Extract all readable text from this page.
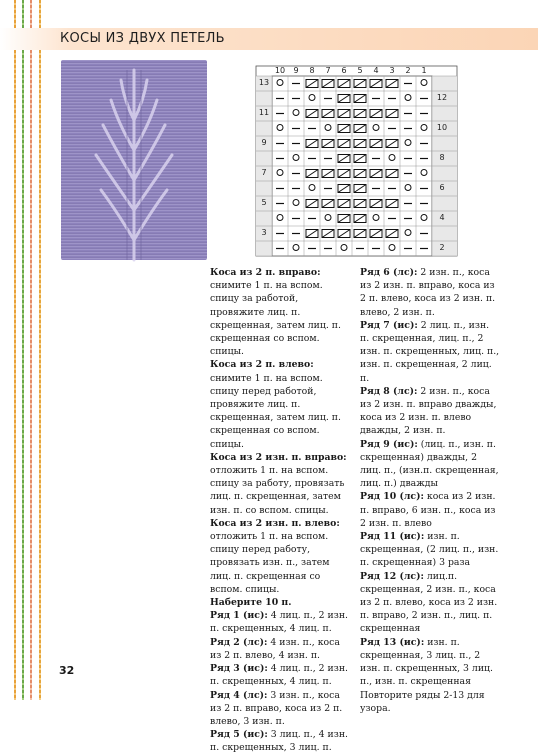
КОСЫ ИЗ ДВУХ ПЕТЕЛЬ
10 9 8 7 6 5 4 3 2 1
13
11
9
7
5
3
12
10
8
6
4
2

Коса из 2 п. вправо: снимите 1 п. на вспом. спицу за работой, провяжите лиц. п. скрещенная, затем лиц. п. скрещенная со вспом. спицы.

Коса из 2 п. влево: снимите 1 п. на вспом. спицу перед работой, провяжите лиц. п. скрещенная, затем лиц. п. скрещенная со вспом. спицы.

Коса из 2 изн. п. вправо: отложить 1 п. на вспом. спицу за работу, провязать лиц. п. скрещенная, затем изн. п. со вспом. спицы.

Коса из 2 изн. п. влево: отложить 1 п. на вспом. спицу перед работу, провязать изн. п., затем лиц. п. скрещенная со вспом. спицы.

Наберите 10 п.

Ряд 1 (ис): 4 лиц. п., 2 изн. п. скрещенных, 4 лиц. п.

Ряд 2 (лс): 4 изн. п., коса из 2 п. влево, 4 изн. п.

Ряд 3 (ис): 4 лиц. п., 2 изн. п. скрещенных, 4 лиц. п.

Ряд 4 (лс): 3 изн. п., коса из 2 п. вправо, коса из 2 п. влево, 3 изн. п.

Ряд 5 (ис): 3 лиц. п., 4 изн. п. скрещенных, 3 лиц. п.

Ряд 6 (лс): 2 изн. п., коса из 2 изн. п. вправо, коса из 2 п. влево, коса из 2 изн. п. влево, 2 изн. п.

Ряд 7 (ис): 2 лиц. п., изн. п. скрещенная, лиц. п., 2 изн. п. скрещенных, лиц. п., изн. п. скрещенная, 2 лиц. п.

Ряд 8 (лс): 2 изн. п., коса из 2 изн. п. вправо дважды, коса из 2 изн. п. влево дважды, 2 изн. п.

Ряд 9 (ис): (лиц. п., изн. п. скрещенная) дважды, 2 лиц. п., (изн.п. скрещенная, лиц. п.) дважды

Ряд 10 (лс): коса из 2 изн. п. вправо, 6 изн. п., коса из 2 изн. п. влево

Ряд 11 (ис): изн. п. скрещенная, (2 лиц. п., изн. п. скрещенная) 3 раза

Ряд 12 (лс): лиц.п. скрещенная, 2 изн. п., коса из 2 п. влево, коса из 2 изн. п. вправо, 2 изн. п., лиц. п. скрещенная

Ряд 13 (ис): изн. п. скрещенная, 3 лиц. п., 2 изн. п. скрещенных, 3 лиц. п., изн. п. скрещенная

Повторите ряды 2-13 для узора.

32
